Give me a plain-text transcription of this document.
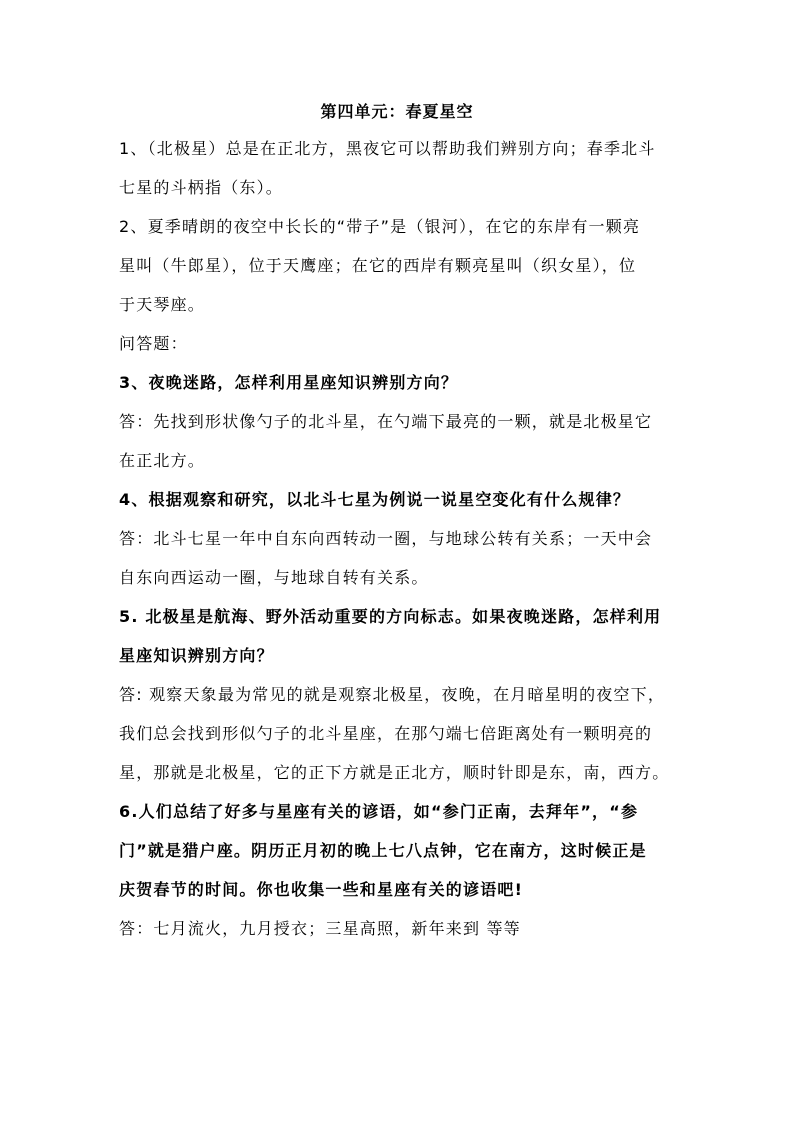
第四单元：春夏星空

1、（北极星）总是在正北方，黑夜它可以帮助我们辨别方向；春季北斗
七星的斗柄指（东）。

2、夏季晴朗的夜空中长长的“带子”是（银河），在它的东岸有一颗亮
星叫（牛郎星），位于天鹰座；在它的西岸有颗亮星叫（织女星），位
于天琴座。

问答题：

3、夜晚迷路，怎样利用星座知识辨别方向？

答：先找到形状像勺子的北斗星，在勺端下最亮的一颗，就是北极星它
在正北方。

4、根据观察和研究，以北斗七星为例说一说星空变化有什么规律？

答：北斗七星一年中自东向西转动一圈，与地球公转有关系；一天中会
自东向西运动一圈，与地球自转有关系。

5. 北极星是航海、野外活动重要的方向标志。如果夜晚迷路，怎样利用
星座知识辨别方向？

答: 观察天象最为常见的就是观察北极星，夜晚，在月暗星明的夜空下，
我们总会找到形似勺子的北斗星座，在那勺端七倍距离处有一颗明亮的
星，那就是北极星，它的正下方就是正北方，顺时针即是东，南，西方。

6.人们总结了好多与星座有关的谚语，如“参门正南，去拜年”，“参
门”就是猎户座。阴历正月初的晚上七八点钟，它在南方，这时候正是
庆贺春节的时间。你也收集一些和星座有关的谚语吧!

答：七月流火，九月授衣；三星高照，新年来到 等等
